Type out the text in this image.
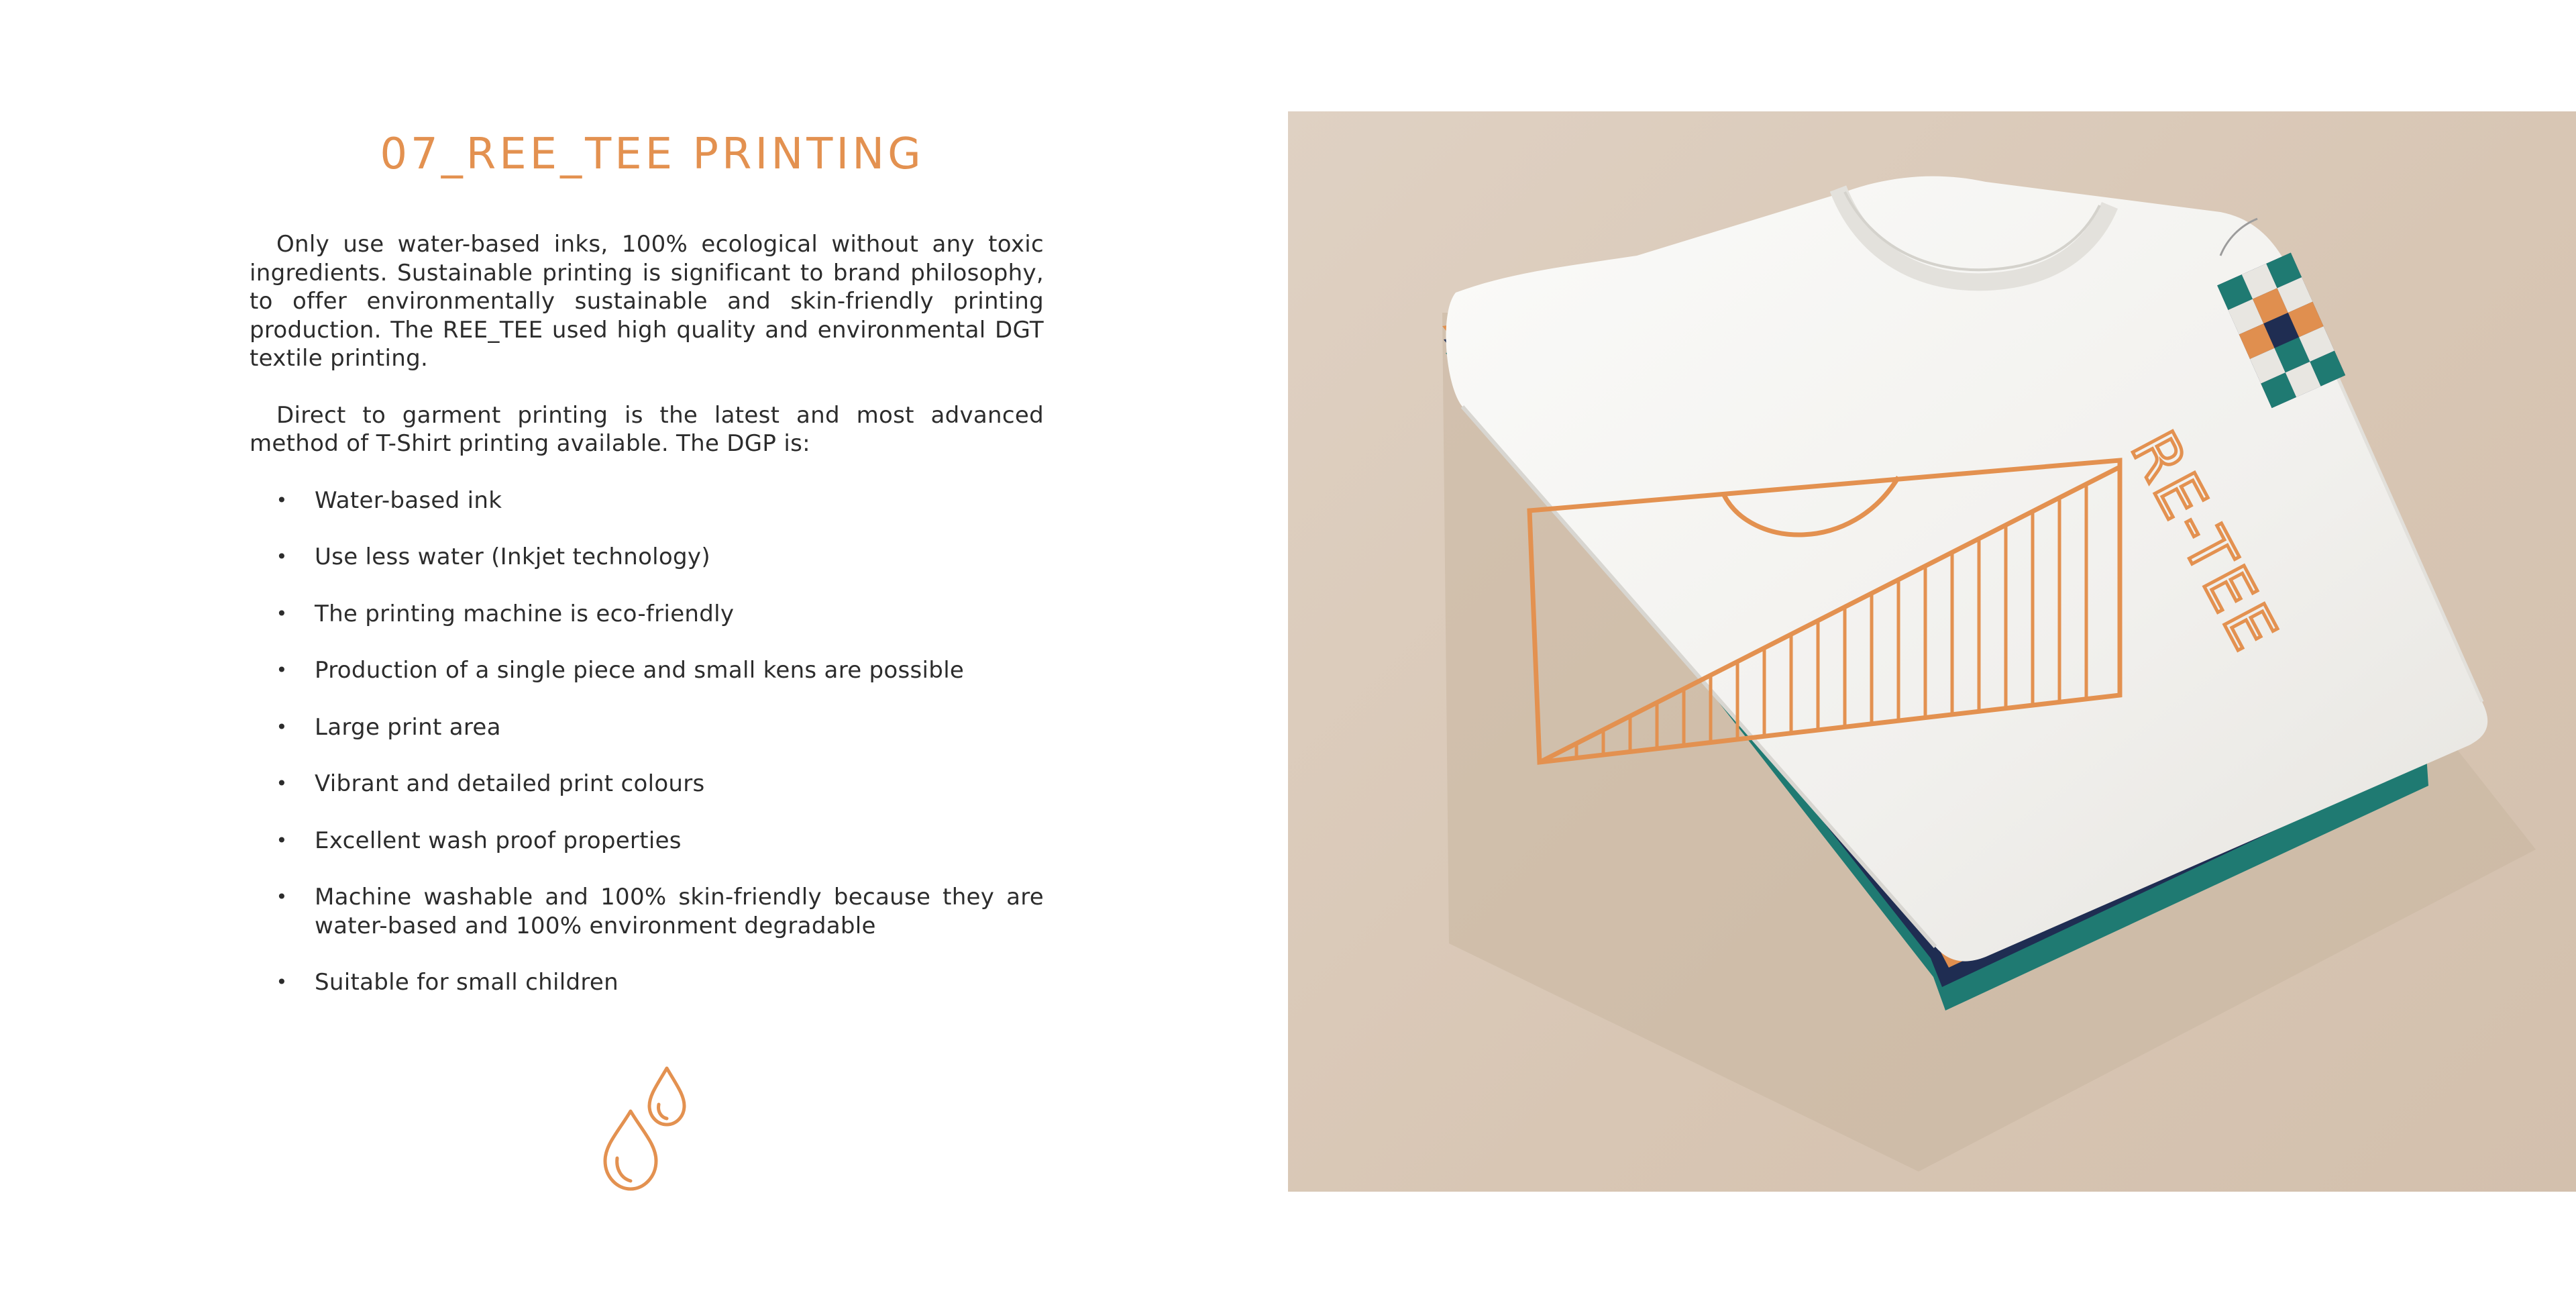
07_REE_TEE PRINTING

Only use water-based inks, 100% ecological without any toxic ingredients. Sustainable printing is significant to brand philosophy, to offer environmentally sustainable and skin-friendly printing production. The REE_TEE used high quality and environmental DGT textile printing.

Direct to garment printing is the latest and most advanced method of T-Shirt printing available. The DGP is:

• Water-based ink
• Use less water (Inkjet technology)
• The printing machine is eco-friendly
• Production of a single piece and small kens are possible
• Large print area
• Vibrant and detailed print colours
• Excellent wash proof properties
• Machine washable and 100% skin-friendly because they are water-based and 100% environment degradable
• Suitable for small children
RE-TEE
